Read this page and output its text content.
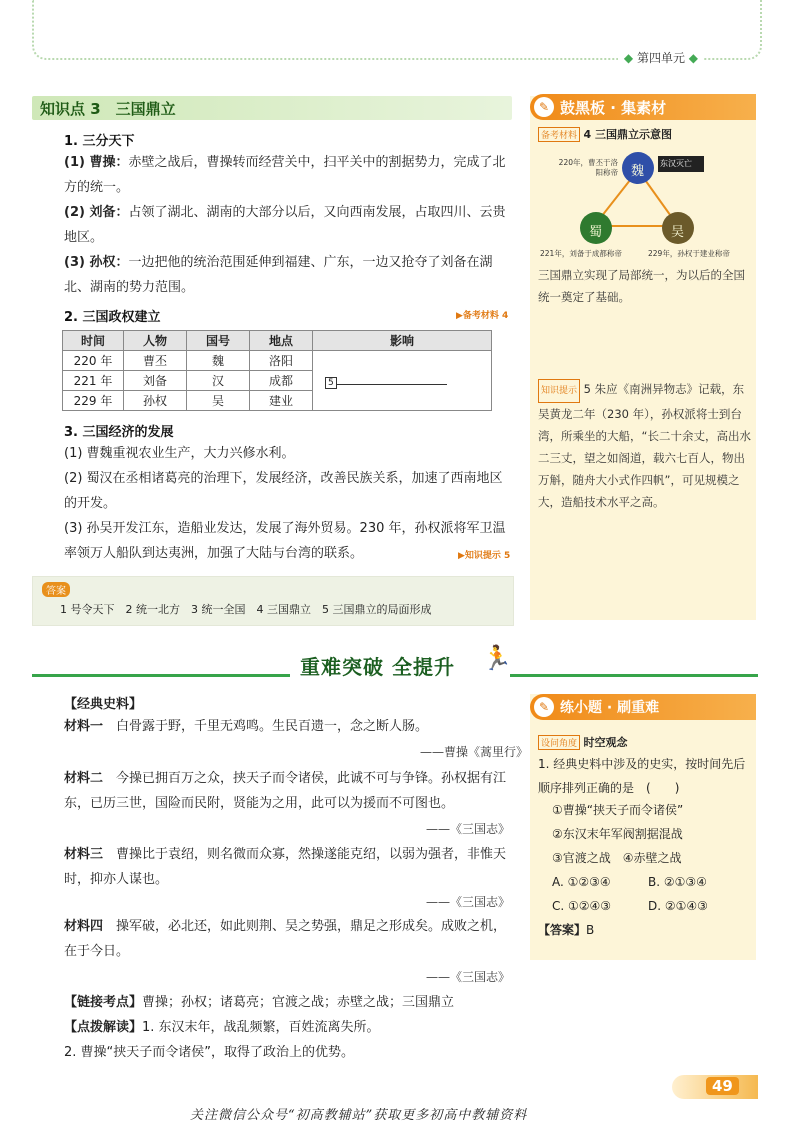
◆ 第四单元 ◆
知识点 3　三国鼎立
1. 三分天下
(1) 曹操：赤壁之战后，曹操转而经营关中，扫平关中的割据势力，完成了北方的统一。
(2) 刘备：占领了湖北、湖南的大部分以后，又向西南发展，占取四川、云贵地区。
(3) 孙权：一边把他的统治范围延伸到福建、广东，一边又抢夺了刘备在湖北、湖南的势力范围。
2. 三国政权建立	▶备考材料 4
时间	人物	国号	地点	影响
220 年	曹丕	魏	洛阳	5
221 年	刘备	汉	成都	
229 年	孙权	吴	建业	
3. 三国经济的发展
(1) 曹魏重视农业生产，大力兴修水利。
(2) 蜀汉在丞相诸葛亮的治理下，发展经济，改善民族关系，加速了西南地区的开发。
(3) 孙吴开发江东，造船业发达，发展了海外贸易。230 年，孙权派将军卫温率领万人船队到达夷洲，加强了大陆与台湾的联系。	▶知识提示 5
答案
1 号令天下　2 统一北方　3 统一全国　4 三国鼎立　5 三国鼎立的局面形成
✎ 鼓黑板 · 集素材
备考材料 4 三国鼎立示意图
魏
蜀	吴
东汉灭亡
220年，曹丕于洛阳称帝
221年，刘备于成都称帝	229年，孙权于建业称帝
三国鼎立实现了局部统一，为以后的全国统一奠定了基础。
知识提示 5 朱应《南洲异物志》记载，东吴黄龙二年（230 年），孙权派将士到台湾，所乘坐的大船，“长二十余丈，高出水二三丈，望之如阁道，载六七百人，物出万斛，随舟大小式作四帆”，可见规模之大，造船技术水平之高。
重难突破 全提升 🏃
【经典史料】
材料一　 白骨露于野，千里无鸡鸣。生民百遗一，念之断人肠。
——曹操《蒿里行》
材料二　 今操已拥百万之众，挟天子而令诸侯，此诚不可与争锋。孙权据有江东，已历三世，国险而民附，贤能为之用，此可以为援而不可图也。
——《三国志》
材料三　 曹操比于袁绍，则名微而众寡，然操遂能克绍，以弱为强者，非惟天时，抑亦人谋也。
——《三国志》
材料四　 操军破，必北还，如此则荆、吴之势强，鼎足之形成矣。成败之机，在于今日。
——《三国志》
【链接考点】曹操；孙权；诸葛亮；官渡之战；赤壁之战；三国鼎立
【点拨解读】1. 东汉末年，战乱频繁，百姓流离失所。
2. 曹操“挟天子而令诸侯”，取得了政治上的优势。
✎ 练小题 · 刷重难
设问角度 时空观念
1. 经典史料中涉及的史实，按时间先后顺序排列正确的是　 (　　)
①曹操“挟天子而令诸侯”
②东汉末年军阀割据混战
③官渡之战　④赤壁之战
A. ①②③④	B. ②①③④
C. ①②④③	D. ②①④③
【答案】B
49
关注微信公众号“初高教辅站”获取更多初高中教辅资料
